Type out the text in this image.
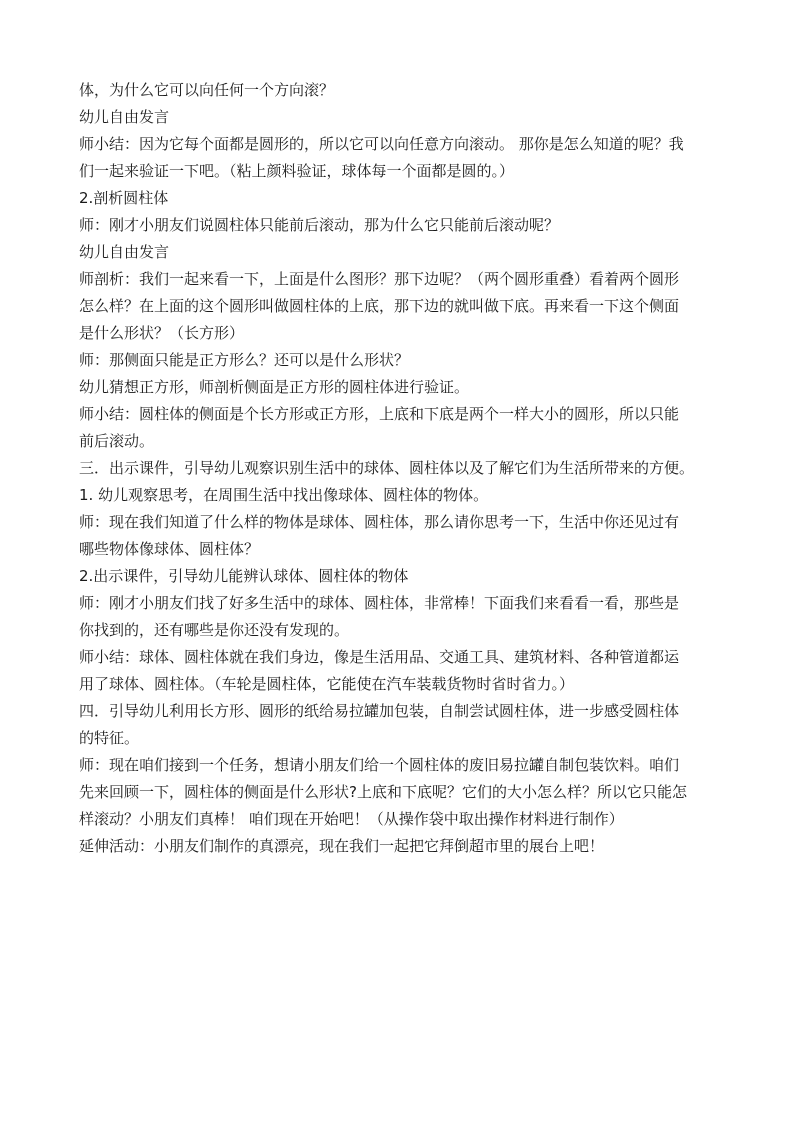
体，为什么它可以向任何一个方向滚？
幼儿自由发言
师小结：因为它每个面都是圆形的，所以它可以向任意方向滚动。 那你是怎么知道的呢？我
们一起来验证一下吧。（粘上颜料验证，球体每一个面都是圆的。）
2.剖析圆柱体
师：刚才小朋友们说圆柱体只能前后滚动，那为什么它只能前后滚动呢？
幼儿自由发言
师剖析：我们一起来看一下，上面是什么图形？那下边呢？（两个圆形重叠）看着两个圆形
怎么样？在上面的这个圆形叫做圆柱体的上底，那下边的就叫做下底。再来看一下这个侧面
是什么形状？（长方形）
师：那侧面只能是正方形么？还可以是什么形状？
幼儿猜想正方形，师剖析侧面是正方形的圆柱体进行验证。
师小结：圆柱体的侧面是个长方形或正方形，上底和下底是两个一样大小的圆形，所以只能
前后滚动。
三．出示课件，引导幼儿观察识别生活中的球体、圆柱体以及了解它们为生活所带来的方便。
1. 幼儿观察思考，在周围生活中找出像球体、圆柱体的物体。
师：现在我们知道了什么样的物体是球体、圆柱体，那么请你思考一下，生活中你还见过有
哪些物体像球体、圆柱体？
2.出示课件，引导幼儿能辨认球体、圆柱体的物体
师：刚才小朋友们找了好多生活中的球体、圆柱体，非常棒！下面我们来看看一看，那些是
你找到的，还有哪些是你还没有发现的。
师小结：球体、圆柱体就在我们身边，像是生活用品、交通工具、建筑材料、各种管道都运
用了球体、圆柱体。（车轮是圆柱体，它能使在汽车装载货物时省时省力。）
四．引导幼儿利用长方形、圆形的纸给易拉罐加包装，自制尝试圆柱体，进一步感受圆柱体
的特征。
师：现在咱们接到一个任务，想请小朋友们给一个圆柱体的废旧易拉罐自制包装饮料。咱们
先来回顾一下，圆柱体的侧面是什么形状?上底和下底呢？它们的大小怎么样？所以它只能怎
样滚动？小朋友们真棒！ 咱们现在开始吧！（从操作袋中取出操作材料进行制作）
延伸活动：小朋友们制作的真漂亮，现在我们一起把它拜倒超市里的展台上吧！
